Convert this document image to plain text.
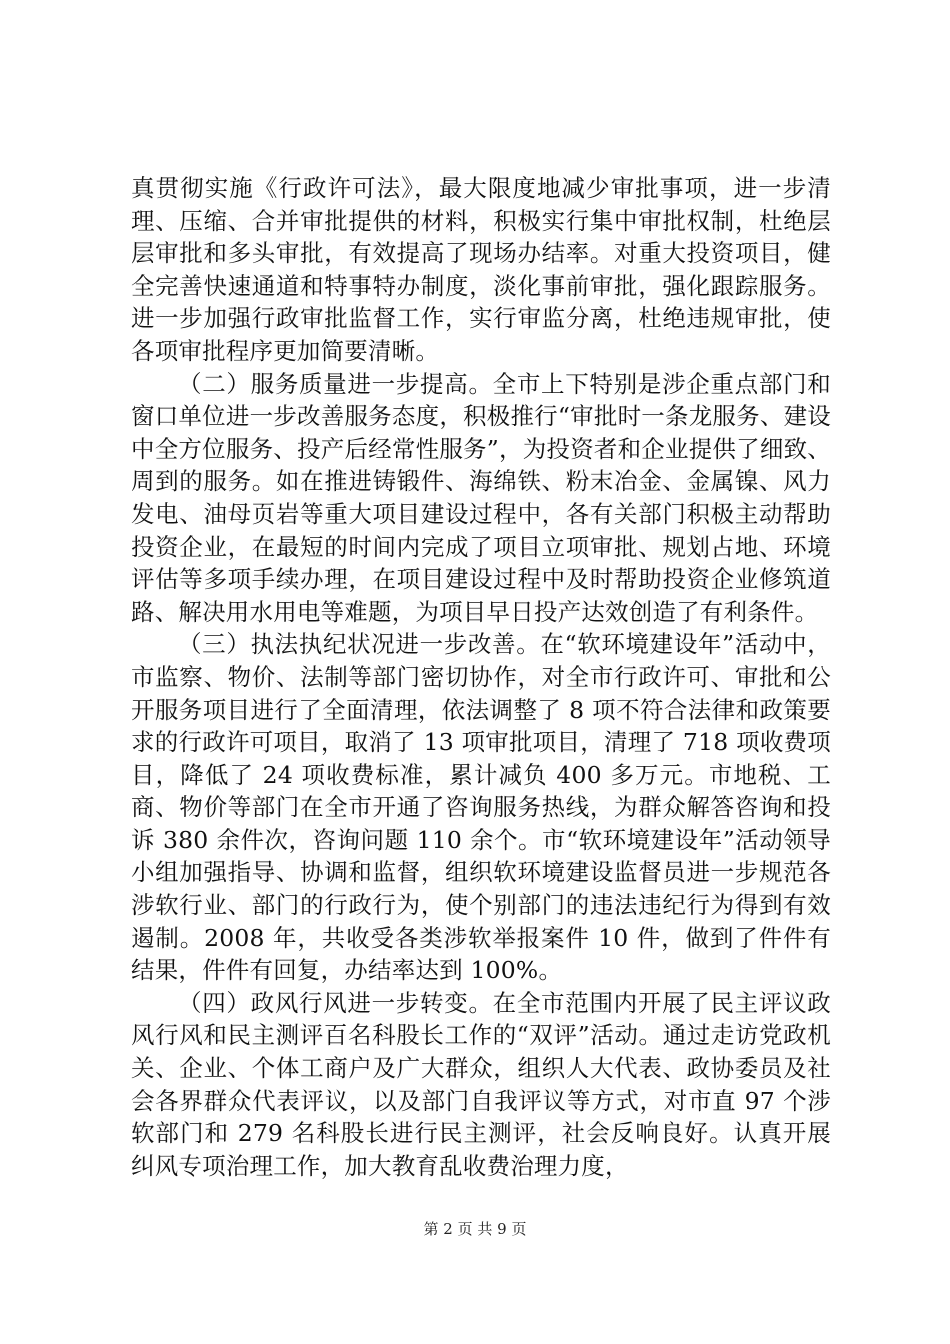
真贯彻实施《行政许可法》，最大限度地减少审批事项，进一步清理、压缩、合并审批提供的材料，积极实行集中审批权制，杜绝层层审批和多头审批，有效提高了现场办结率。对重大投资项目，健全完善快速通道和特事特办制度，淡化事前审批，强化跟踪服务。进一步加强行政审批监督工作，实行审监分离，杜绝违规审批，使各项审批程序更加简要清晰。

（二）服务质量进一步提高。全市上下特别是涉企重点部门和窗口单位进一步改善服务态度，积极推行“审批时一条龙服务、建设中全方位服务、投产后经常性服务”，为投资者和企业提供了细致、周到的服务。如在推进铸锻件、海绵铁、粉末冶金、金属镍、风力发电、油母页岩等重大项目建设过程中，各有关部门积极主动帮助投资企业，在最短的时间内完成了项目立项审批、规划占地、环境评估等多项手续办理，在项目建设过程中及时帮助投资企业修筑道路、解决用水用电等难题，为项目早日投产达效创造了有利条件。

（三）执法执纪状况进一步改善。在“软环境建设年”活动中，市监察、物价、法制等部门密切协作，对全市行政许可、审批和公开服务项目进行了全面清理，依法调整了 8 项不符合法律和政策要求的行政许可项目，取消了 13 项审批项目，清理了 718 项收费项目，降低了 24 项收费标准，累计减负 400 多万元。市地税、工商、物价等部门在全市开通了咨询服务热线，为群众解答咨询和投诉 380 余件次，咨询问题 110 余个。市“软环境建设年”活动领导小组加强指导、协调和监督，组织软环境建设监督员进一步规范各涉软行业、部门的行政行为，使个别部门的违法违纪行为得到有效遏制。2008 年，共收受各类涉软举报案件 10 件，做到了件件有结果，件件有回复，办结率达到 100%。

（四）政风行风进一步转变。在全市范围内开展了民主评议政风行风和民主测评百名科股长工作的“双评”活动。通过走访党政机关、企业、个体工商户及广大群众，组织人大代表、政协委员及社会各界群众代表评议，以及部门自我评议等方式，对市直 97 个涉软部门和 279 名科股长进行民主测评，社会反响良好。认真开展纠风专项治理工作，加大教育乱收费治理力度，

第 2 页 共 9 页
